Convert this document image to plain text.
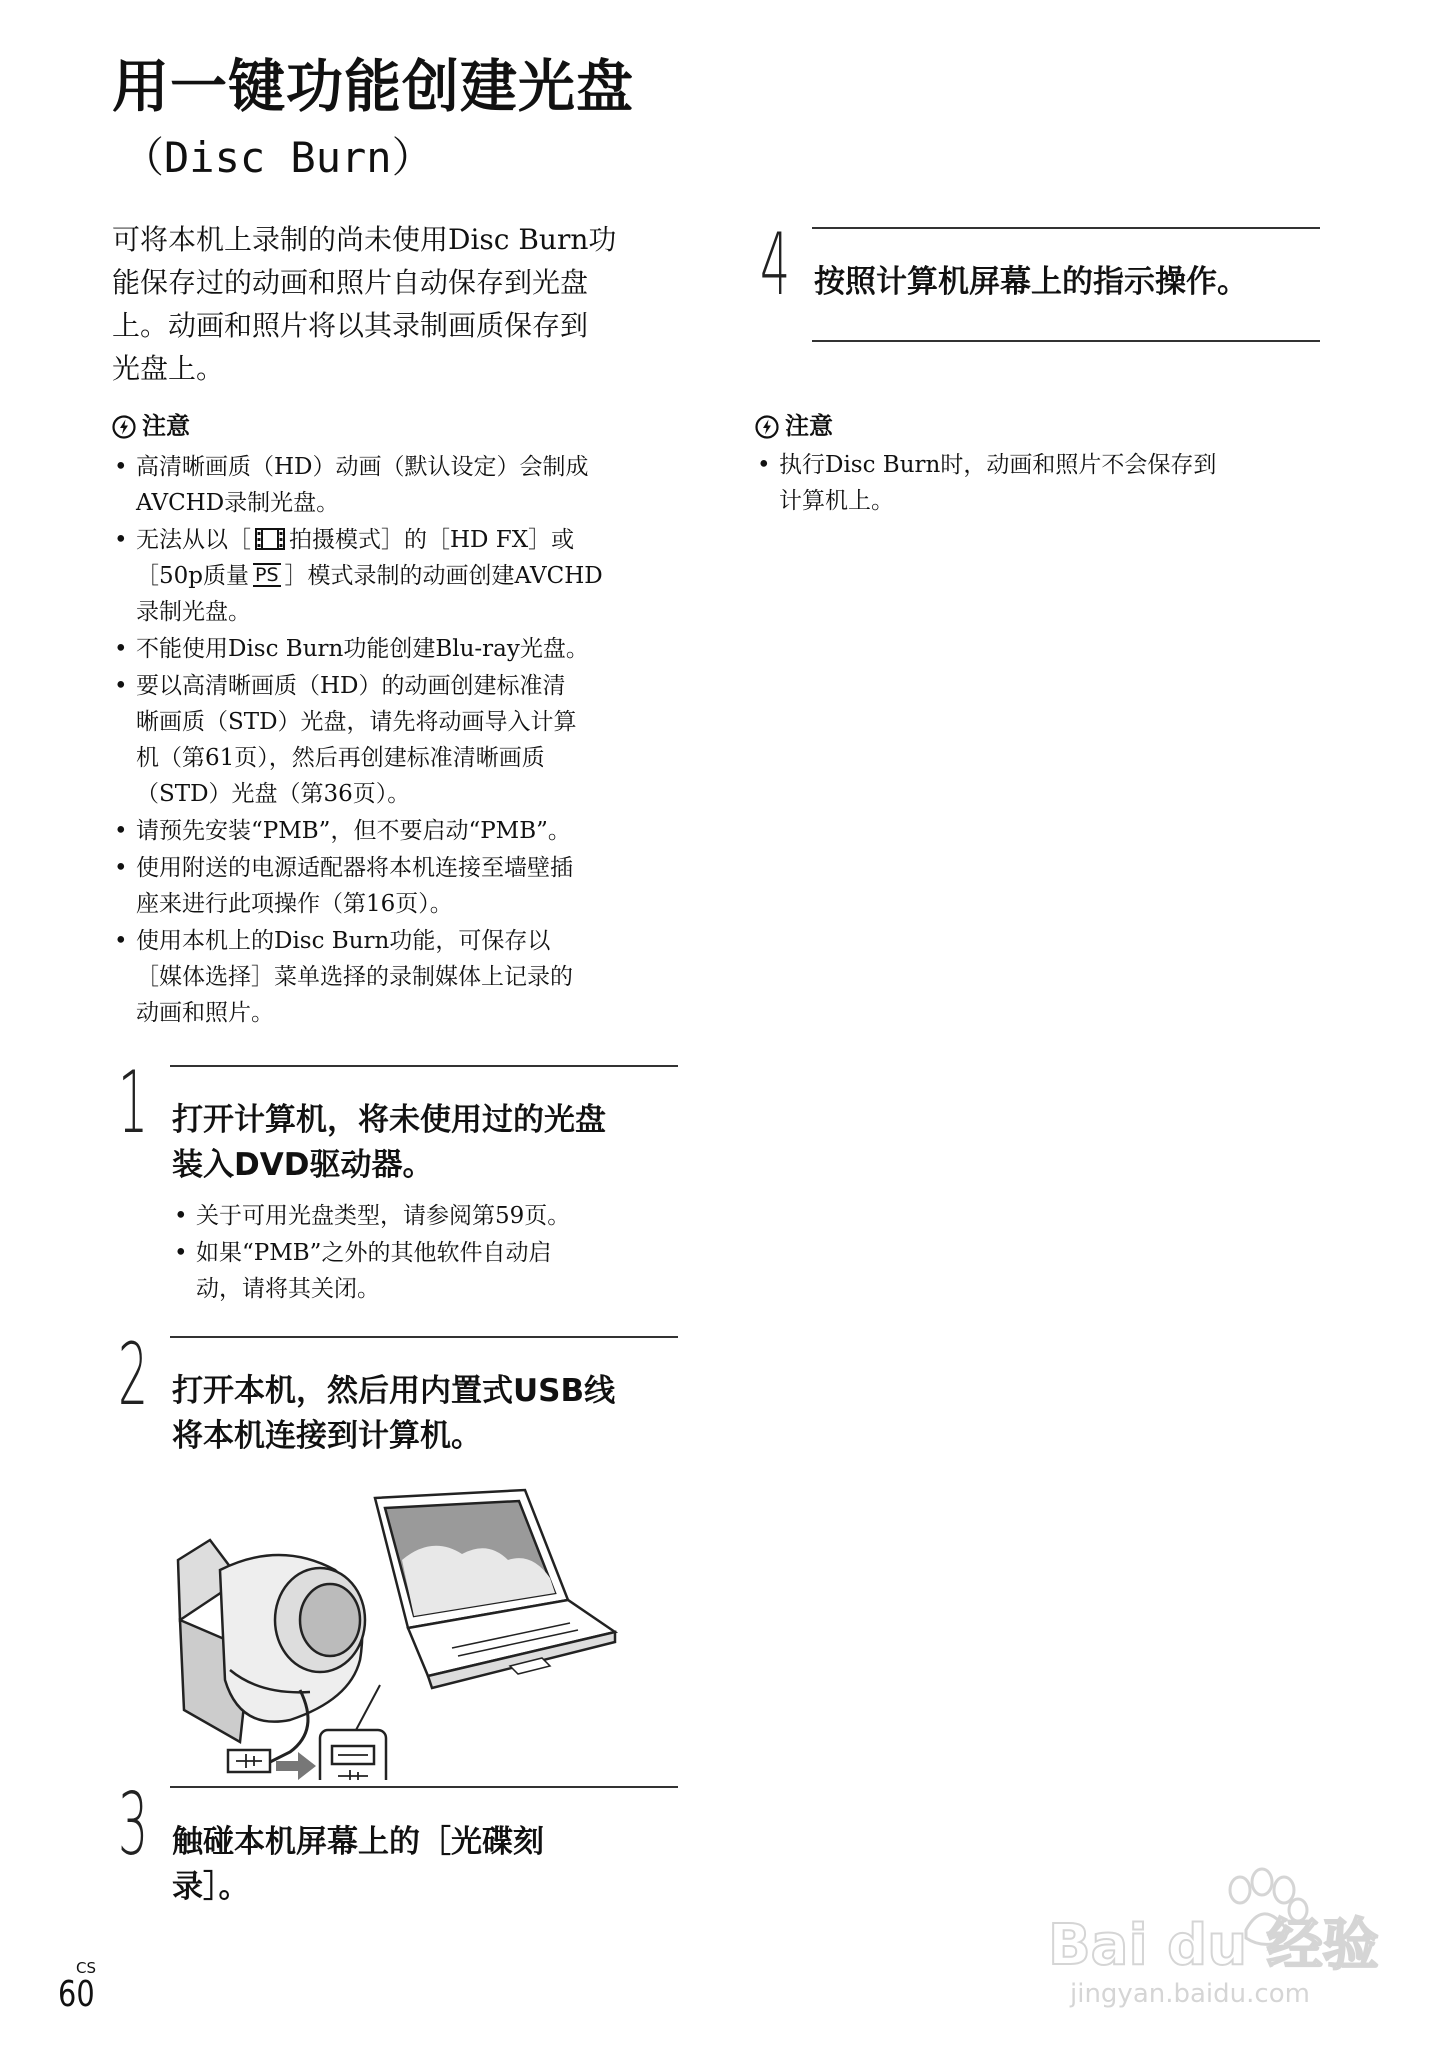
用一键功能创建光盘
（Disc Burn）
可将本机上录制的尚未使用Disc Burn功
能保存过的动画和照片自动保存到光盘
上。动画和照片将以其录制画质保存到
光盘上。
注意
• 高清晰画质（HD）动画（默认设定）会制成
AVCHD录制光盘。
• 无法从以［ 拍摄模式］的［HD FX］或
［50p质量 PS ］模式录制的动画创建AVCHD
录制光盘。
• 不能使用Disc Burn功能创建Blu-ray光盘。
• 要以高清晰画质（HD）的动画创建标准清
晰画质（STD）光盘，请先将动画导入计算
机（第61页），然后再创建标准清晰画质
（STD）光盘（第36页）。
• 请预先安装“PMB”，但不要启动“PMB”。
• 使用附送的电源适配器将本机连接至墙壁插
座来进行此项操作（第16页）。
• 使用本机上的Disc Burn功能，可保存以
［媒体选择］菜单选择的录制媒体上记录的
动画和照片。
1 打开计算机，将未使用过的光盘
装入DVD驱动器。
• 关于可用光盘类型，请参阅第59页。
• 如果“PMB”之外的其他软件自动启
动，请将其关闭。
2 打开本机，然后用内置式USB线
将本机连接到计算机。
3 触碰本机屏幕上的［光碟刻
录］。
4 按照计算机屏幕上的指示操作。
注意
• 执行Disc Burn时，动画和照片不会保存到
计算机上。
CS
60
Bai du 经验
jingyan.baidu.com
